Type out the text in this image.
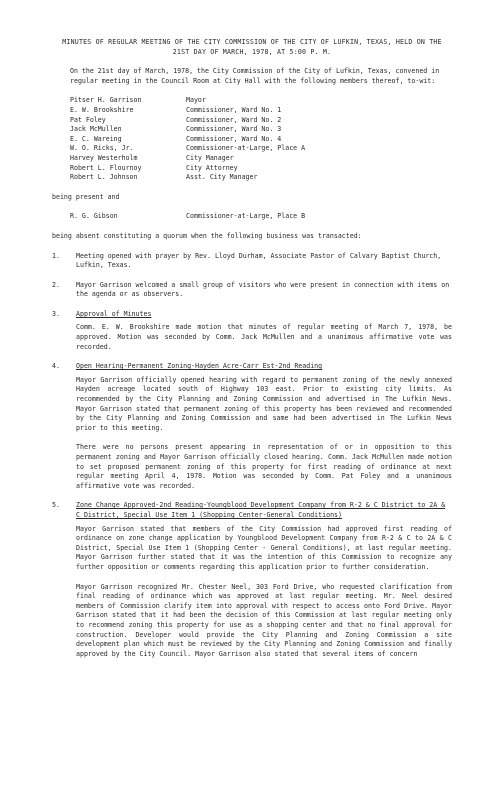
MINUTES OF REGULAR MEETING OF THE CITY COMMISSION OF THE CITY OF LUFKIN, TEXAS, HELD ON THE 21ST DAY OF MARCH, 1978, AT 5:00 P. M.

On the 21st day of March, 1978, the City Commission of the City of Lufkin, Texas, convened in regular meeting in the Council Room at City Hall with the following members thereof, to-wit:

Pitser H. Garrison	Mayor
E. W. Brookshire	Commissioner, Ward No. 1
Pat Foley	Commissioner, Ward No. 2
Jack McMullen	Commissioner, Ward No. 3
E. C. Wareing	Commissioner, Ward No. 4
W. O. Ricks, Jr.	Commissioner-at-Large, Place A
Harvey Westerholm	City Manager
Robert L. Flournoy	City Attorney
Robert L. Johnson	Asst. City Manager

being present and

R. G. Gibson	Commissioner-at-Large, Place B

being absent constituting a quorum when the following business was transacted:

1.	Meeting opened with prayer by Rev. Lloyd Durham, Associate Pastor of Calvary Baptist Church, Lufkin, Texas.

2.	Mayor Garrison welcomed a small group of visitors who were present in connection with items on the agenda or as observers.

3.	Approval of Minutes

Comm. E. W. Brookshire made motion that minutes of regular meeting of March 7, 1978, be approved. Motion was seconded by Comm. Jack McMullen and a unanimous affirmative vote was recorded.

4.	Open Hearing-Permanent Zoning-Hayden Acre-Carr Est-2nd Reading

Mayor Garrison officially opened hearing with regard to permanent zoning of the newly annexed Hayden acreage located south of Highway 103 east. Prior to existing city limits. As recommended by the City Planning and Zoning Commission and advertised in The Lufkin News. Mayor Garrison stated that permanent zoning of this property has been reviewed and recommended by the City Planning and Zoning Commission and same had been advertised in The Lufkin News prior to this meeting.

There were no persons present appearing in representation of or in opposition to this permanent zoning and Mayor Garrison officially closed hearing. Comm. Jack McMullen made motion to set proposed permanent zoning of this property for first reading of ordinance at next regular meeting April 4, 1978. Motion was seconded by Comm. Pat Foley and a unanimous affirmative vote was recorded.

5.	Zone Change Approved-2nd Reading-Youngblood Development Company from R-2 & C District to 2A & C District, Special Use Item 1 (Shopping Center-General Conditions)

Mayor Garrison stated that members of the City Commission had approved first reading of ordinance on zone change application by Youngblood Development Company from R-2 & C to 2A & C District, Special Use Item 1 (Shopping Center - General Conditions), at last regular meeting. Mayor Garrison further stated that it was the intention of this Commission to recognize any further opposition or comments regarding this application prior to further consideration.

Mayor Garrison recognized Mr. Chester Neel, 303 Ford Drive, who requested clarification from final reading of ordinance which was approved at last regular meeting. Mr. Neel desired members of Commission clarify item into approval with respect to access onto Ford Drive. Mayor Garrison stated that it had been the decision of this Commission at last regular meeting only to recommend zoning this property for use as a shopping center and that no final approval for construction. Developer would provide the City Planning and Zoning Commission a site development plan which must be reviewed by the City Planning and Zoning Commission and finally approved by the City Council. Mayor Garrison also stated that several items of concern
